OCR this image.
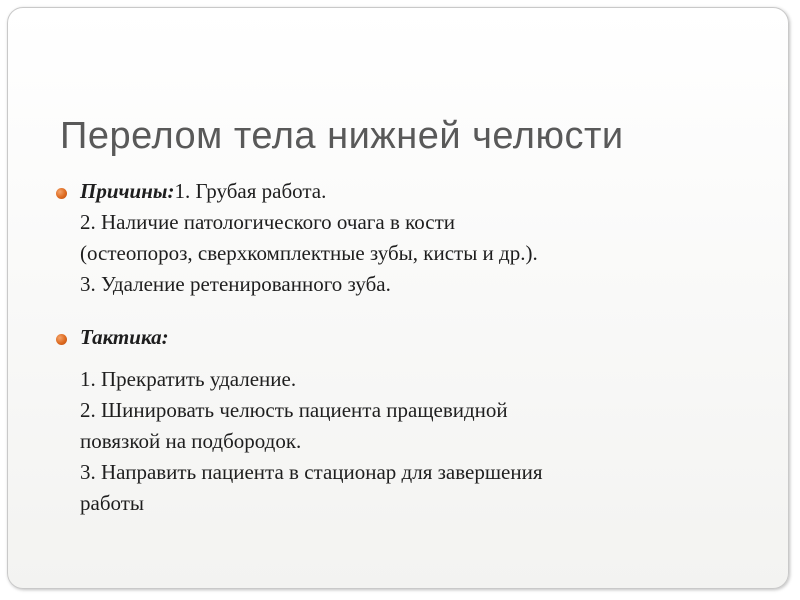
Перелом тела нижней челюсти
Причины:1. Грубая работа.
2. Наличие патологического очага в кости
(остеопороз, сверхкомплектные зубы, кисты и др.).
3. Удаление ретенированного зуба.
Тактика:
1. Прекратить удаление.
2. Шинировать челюсть пациента пращевидной
повязкой на подбородок.
3. Направить пациента в стационар для завершения
работы
